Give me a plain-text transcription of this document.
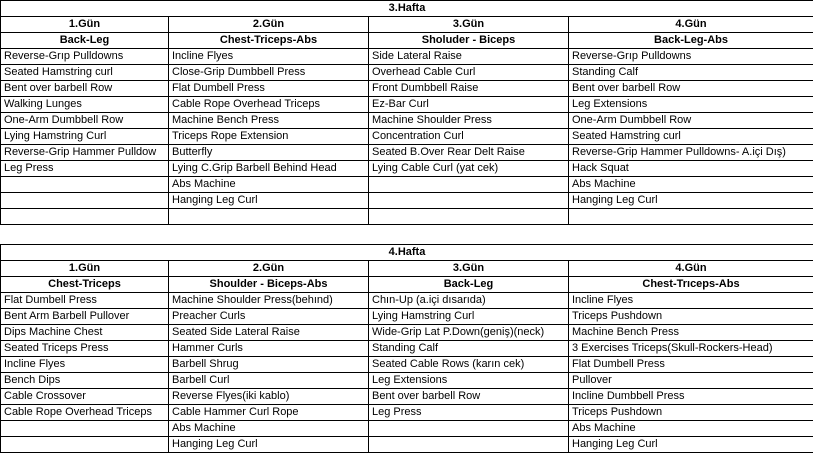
3.Hafta			
1.Gün	2.Gün	3.Gün	4.Gün
Back-Leg	Chest-Triceps-Abs	Sholuder - Biceps	Back-Leg-Abs
Reverse-Grıp Pulldowns	Incline Flyes	Side Lateral Raise	Reverse-Grıp Pulldowns
Seated Hamstring curl	Close-Grip Dumbbell Press	Overhead Cable Curl	Standing Calf
Bent over barbell Row	Flat Dumbell Press	Front Dumbbell Raise	Bent over barbell Row
Walking Lunges	Cable Rope Overhead Triceps	Ez-Bar Curl	Leg Extensions
One-Arm Dumbbell Row	Machine Bench Press	Machine Shoulder Press	One-Arm Dumbbell Row
Lying Hamstring Curl	Triceps Rope Extension	Concentration Curl	Seated Hamstring curl
Reverse-Grip Hammer Pulldow	Butterfly	Seated B.Over Rear Delt Raise	Reverse-Grip Hammer Pulldowns- A.içi Dış)
Leg Press	Lying C.Grip Barbell Behind Head	Lying Cable Curl (yat cek)	Hack Squat
	Abs Machine		Abs Machine
	Hanging Leg Curl		Hanging Leg Curl

4.Hafta			
1.Gün	2.Gün	3.Gün	4.Gün
Chest-Triceps	Shoulder - Biceps-Abs	Back-Leg	Chest-Trıceps-Abs
Flat Dumbell Press	Machine Shoulder Press(behınd)	Chın-Up (a.içi dısarıda)	Incline Flyes
Bent Arm Barbell Pullover	Preacher Curls	Lying Hamstring Curl	Triceps Pushdown
Dips Machine Chest	Seated Side Lateral Raise	Wide-Grip Lat P.Down(geniş)(neck)	Machine Bench Press
Seated Triceps Press	Hammer Curls	Standing Calf	3 Exercises Triceps(Skull-Rockers-Head)
Incline Flyes	Barbell Shrug	Seated Cable Rows (karın cek)	Flat Dumbell Press
Bench Dips	Barbell Curl	Leg Extensions	Pullover
Cable Crossover	Reverse Flyes(iki kablo)	Bent over barbell Row	Incline Dumbbell Press
Cable Rope Overhead Triceps	Cable Hammer Curl Rope	Leg Press	Triceps Pushdown
	Abs Machine		Abs Machine
	Hanging Leg Curl		Hanging Leg Curl
